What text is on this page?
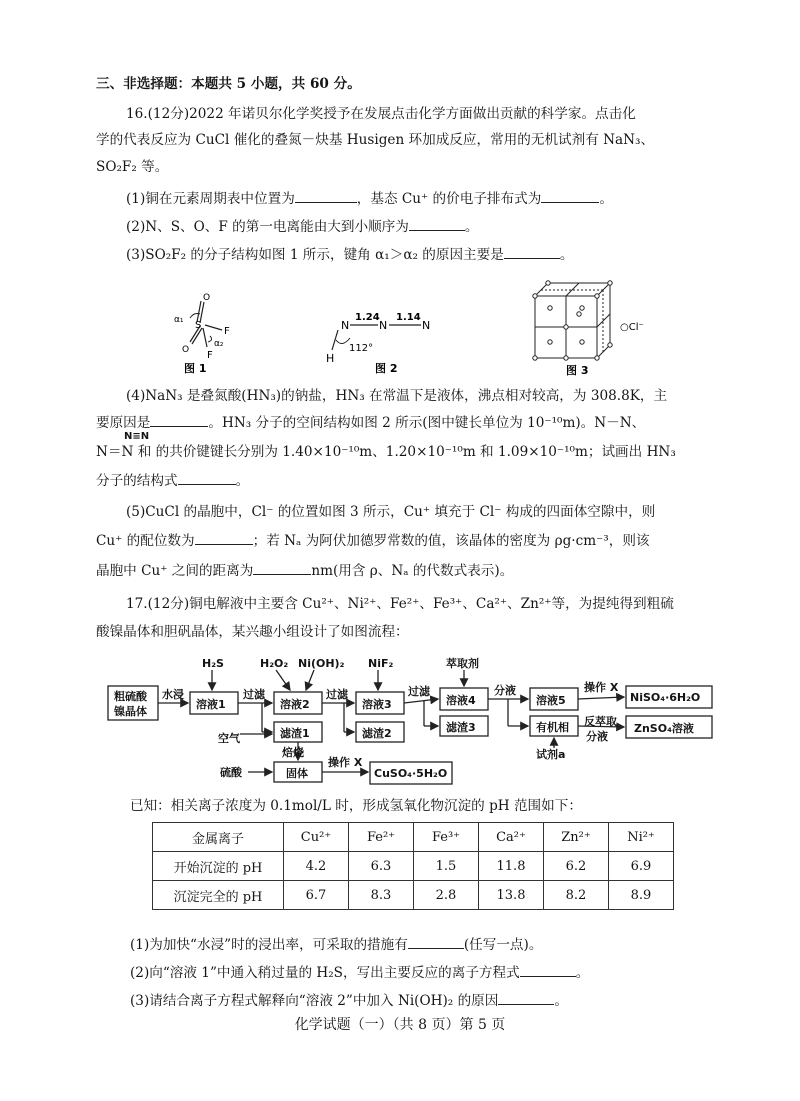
三、非选择题：本题共 5 小题，共 60 分。
16.(12分)2022 年诺贝尔化学奖授予在发展点击化学方面做出贡献的科学家。点击化
学的代表反应为 CuCl 催化的叠氮－炔基 Husigen 环加成反应，常用的无机试剂有 NaN₃、
SO₂F₂ 等。
(1)铜在元素周期表中位置为	，基态 Cu⁺ 的价电子排布式为	。
(2)N、S、O、F 的第一电离能由大到小顺序为	。
(3)SO₂F₂ 的分子结构如图 1 所示，键角 α₁＞α₂ 的原因主要是	。
O
S
F
O F
α₁
α₂
图 1
N	N	N
H
1.24 1.14
112°
图 2
○Cl⁻
图 3
(4)NaN₃ 是叠氮酸(HN₃)的钠盐，HN₃ 在常温下是液体，沸点相对较高，为 308.8K，主
要原因是	。HN₃ 分子的空间结构如图 2 所示(图中键长单位为 10⁻¹⁰m)。N－N、
N≡N
N＝N 和 的共价键键长分别为 1.40×10⁻¹⁰m、1.20×10⁻¹⁰m 和 1.09×10⁻¹⁰m；试画出 HN₃
分子的结构式	。
(5)CuCl 的晶胞中，Cl⁻ 的位置如图 3 所示，Cu⁺ 填充于 Cl⁻ 构成的四面体空隙中，则
Cu⁺ 的配位数为	；若 Nₐ 为阿伏加德罗常数的值，该晶体的密度为 ρg·cm⁻³，则该
晶胞中 Cu⁺ 之间的距离为	nm(用含 ρ、Nₐ 的代数式表示)。
17.(12分)铜电解液中主要含 Cu²⁺、Ni²⁺、Fe²⁺、Fe³⁺、Ca²⁺、Zn²⁺等，为提纯得到粗硫
酸镍晶体和胆矾晶体，某兴趣小组设计了如图流程：
粗硫酸
镍晶体
水浸
H₂S	H₂O₂ Ni(OH)₂ NiF₂	萃取剂
溶液1	溶液2	溶液3	溶液4	溶液5
过滤	过滤	过滤	分液	操作 X
NiSO₄·6H₂O
滤渣1	滤渣2	滤渣3	有机相 反萃取
分液
试剂a
ZnSO₄溶液
空气
焙烧
硫酸	固体
操作 X
CuSO₄·5H₂O
已知：相关离子浓度为 0.1mol/L 时，形成氢氧化物沉淀的 pH 范围如下：
金属离子	Cu²⁺	Fe²⁺	Fe³⁺	Ca²⁺	Zn²⁺	Ni²⁺
开始沉淀的 pH	4.2	6.3	1.5	11.8	6.2	6.9
沉淀完全的 pH	6.7	8.3	2.8	13.8	8.2	8.9
(1)为加快“水浸”时的浸出率，可采取的措施有	(任写一点)。
(2)向“溶液 1”中通入稍过量的 H₂S，写出主要反应的离子方程式	。
(3)请结合离子方程式解释向“溶液 2”中加入 Ni(OH)₂ 的原因	。
化学试题（一）（共 8 页）第 5 页
